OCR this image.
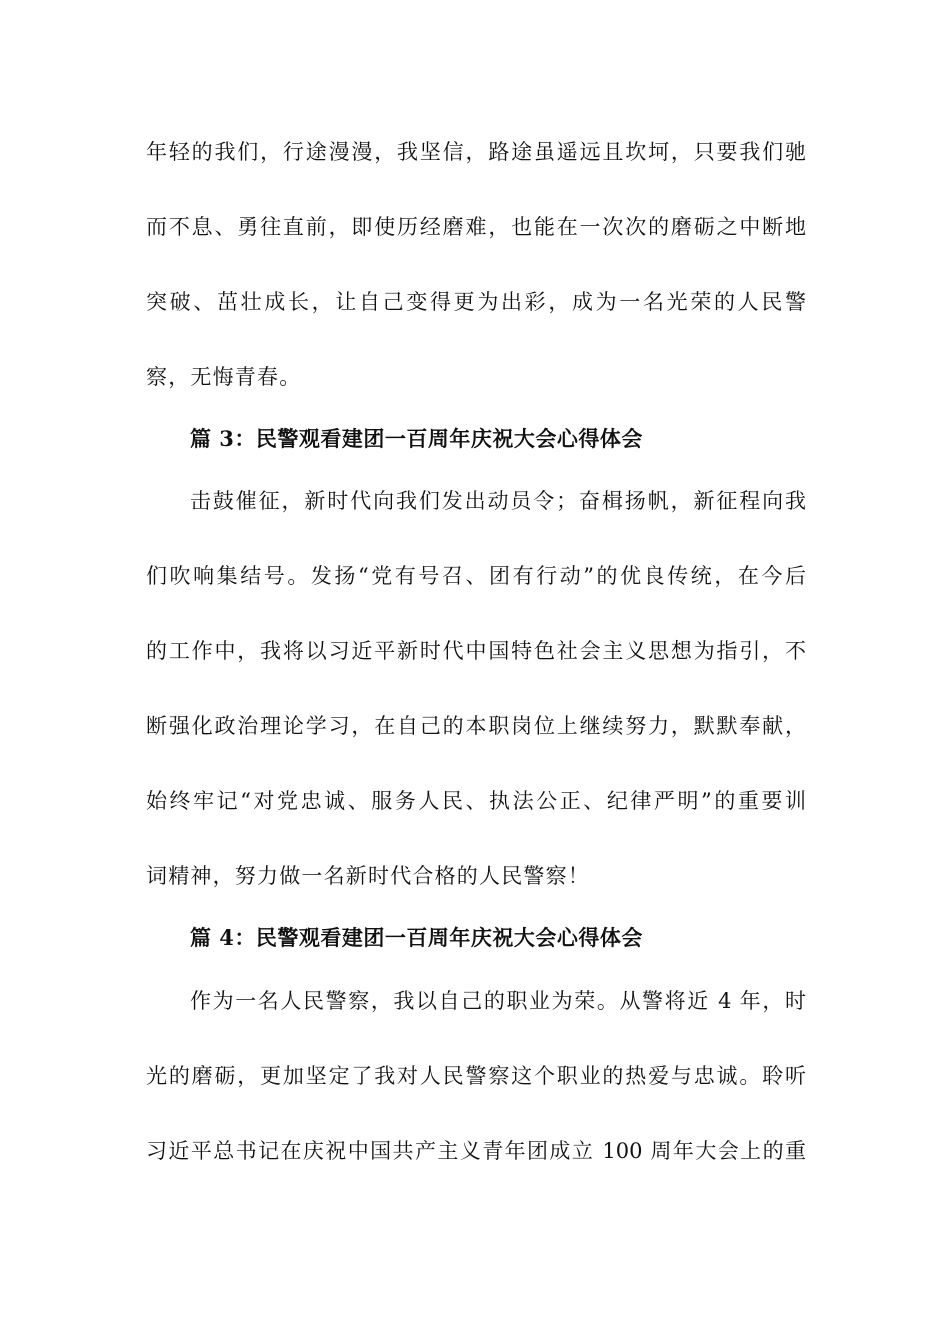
年轻的我们，行途漫漫，我坚信，路途虽遥远且坎坷，只要我们驰
而不息、勇往直前，即使历经磨难，也能在一次次的磨砺之中断地
突破、茁壮成长，让自己变得更为出彩，成为一名光荣的人民警
察，无悔青春。
篇 3：民警观看建团一百周年庆祝大会心得体会
击鼓催征，新时代向我们发出动员令；奋楫扬帆，新征程向我
们吹响集结号。发扬“党有号召、团有行动”的优良传统，在今后
的工作中，我将以习近平新时代中国特色社会主义思想为指引，不
断强化政治理论学习，在自己的本职岗位上继续努力，默默奉献，
始终牢记“对党忠诚、服务人民、执法公正、纪律严明”的重要训
词精神，努力做一名新时代合格的人民警察！
篇 4：民警观看建团一百周年庆祝大会心得体会
作为一名人民警察，我以自己的职业为荣。从警将近 4 年，时
光的磨砺，更加坚定了我对人民警察这个职业的热爱与忠诚。聆听
习近平总书记在庆祝中国共产主义青年团成立 100 周年大会上的重
